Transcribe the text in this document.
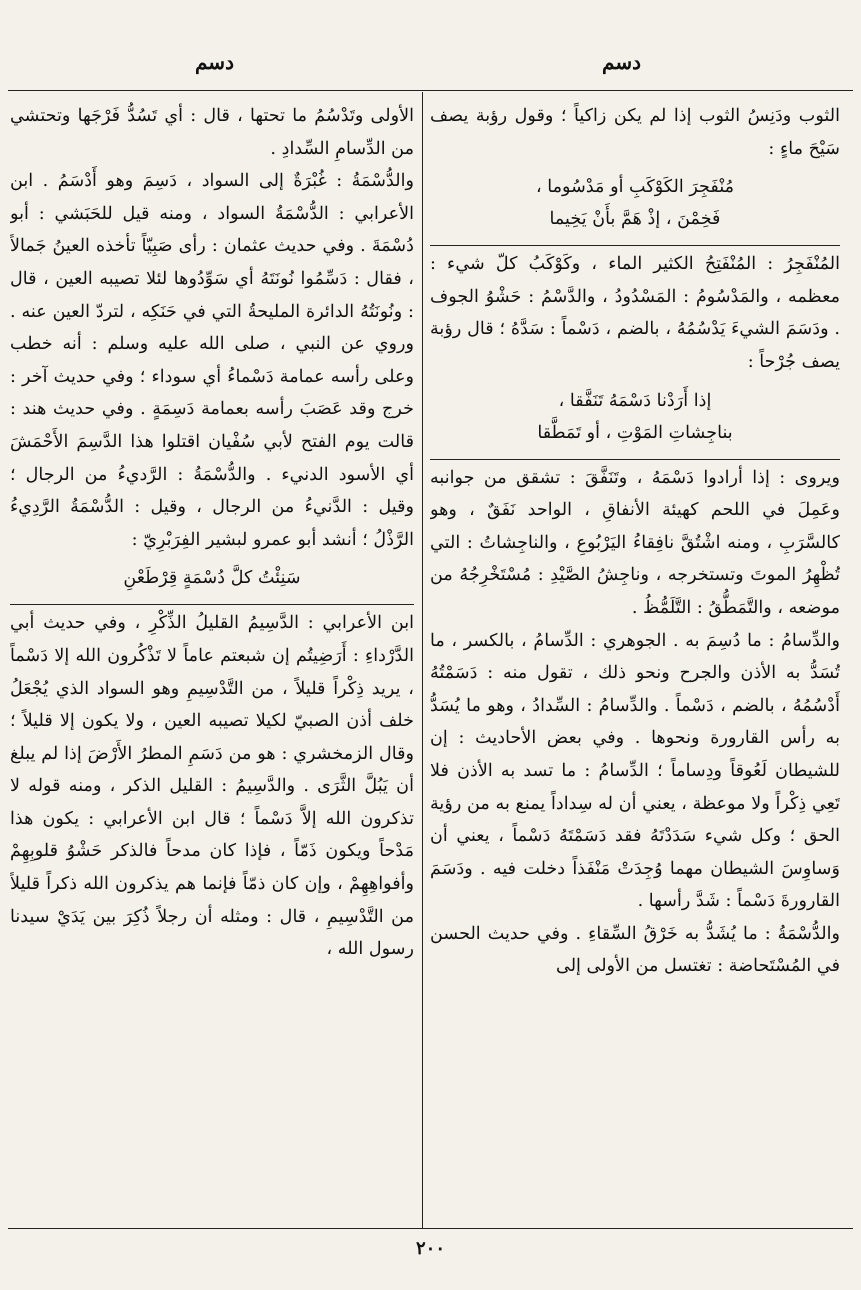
دسم
دسم

الثوب ودَنِسُ الثوب إذا لم يكن زاكياً ؛ وقول رؤبة يصف سَيْحَ ماءٍ :

مُنْفَجِرَ الكَوْكَبِ أو مَدْسُوما ،

فَخِمْنَ ، إذْ هَمَّ بأَنْ يَخِيما

المُنْفَجِرُ : المُنْفَتِحُ الكثير الماء ، وكَوْكَبُ كلّ شيء : معظمه ، والمَدْسُومُ : المَسْدُودُ ، والدَّسْمُ : حَشْوُ الجوف . ودَسَمَ الشيءَ يَدْسُمُهُ ، بالضم ، دَسْماً : سَدَّهُ ؛ قال رؤبة يصف جُرْحاً :

إذا أَرَدْنا دَسْمَهُ تَنَفَّقا ،

بناجِشاتِ المَوْتِ ، أو تَمَطَّقا

ويروى : إذا أرادوا دَسْمَهُ ، وتَنَفَّقَ : تشقق من جوانبه وعَمِلَ في اللحم كهيئة الأنفاقِ ، الواحد نَفَقٌ ، وهو كالسَّرَبِ ، ومنه اشْتُقَّ نافِقاءُ اليَرْبُوعِ ، والناجِشاتُ : التي تُظْهِرُ الموتَ وتستخرجه ، وناجِشُ الصَّيْدِ : مُسْتَخْرِجُهُ من موضعه ، والتَّمَطُّقُ : التَّلَمُّظُ .

والدِّسامُ : ما دُسِمَ به . الجوهري : الدِّسامُ ، بالكسر ، ما تُسَدُّ به الأذن والجرح ونحو ذلك ، تقول منه : دَسَمْتُهُ أَدْسُمُهُ ، بالضم ، دَسْماً . والدِّسامُ : السِّدادُ ، وهو ما يُسَدُّ به رأس القارورة ونحوها . وفي بعض الأحاديث : إن للشيطان لَعُوقاً ودِساماً ؛ الدِّسامُ : ما تسد به الأذن فلا تَعِي ذِكْراً ولا موعظة ، يعني أن له سِداداً يمنع به من رؤية الحق ؛ وكل شيء سَدَدْتَهُ فقد دَسَمْتَهُ دَسْماً ، يعني أن وَساوِسَ الشيطان مهما وُجِدَتْ مَنْفَذاً دخلت فيه . ودَسَمَ القارورةَ دَسْماً : شَدَّ رأسها .

والدُّسْمَةُ : ما يُشَدُّ به خَرْقُ السِّقاءِ . وفي حديث الحسن في المُسْتَحاضة : تغتسل من الأولى إلى

الأولى وتَدْسُمُ ما تحتها ، قال : أي تَسُدُّ فَرْجَها وتحتشي من الدِّسامِ السِّدادِ .

والدُّسْمَةُ : غُبْرَةٌ إلى السواد ، دَسِمَ وهو أَدْسَمُ . ابن الأعرابي : الدُّسْمَةُ السواد ، ومنه قيل للحَبَشي : أبو دُسْمَةَ . وفي حديث عثمان : رأى صَبِيّاً تأخذه العينُ جَمالاً ، فقال : دَسِّمُوا نُونَتَهُ أي سَوِّدُوها لئلا تصيبه العين ، قال : ونُونَتُهُ الدائرة المليحةُ التي في حَنَكِه ، لتردّ العين عنه . وروي عن النبي ، صلى الله عليه وسلم : أنه خطب وعلى رأسه عمامة دَسْماءُ أي سوداء ؛ وفي حديث آخر : خرج وقد عَصَبَ رأسه بعمامة دَسِمَةٍ . وفي حديث هند : قالت يوم الفتح لأبي سُفْيان اقتلوا هذا الدَّسِمَ الأَحْمَشَ أي الأسود الدنيء . والدُّسْمَةُ : الرَّديءُ من الرجال ؛ وقيل : الدَّنيءُ من الرجال ، وقيل : الدُّسْمَةُ الرَّدِيءُ الرَّذْلُ ؛ أنشد أبو عمرو لبشير الفِرَبْرِيّ :

سَنِئْتُ كلَّ دُسْمَةٍ قِرْطَعْنِ

ابن الأعرابي : الدَّسِيمُ القليلُ الذِّكْرِ ، وفي حديث أبي الدَّرْداءِ : أَرَضِيتُم إن شبعتم عاماً لا تَذْكُرون الله إلا دَسْماً ، يريد ذِكْراً قليلاً ، من التَّدْسِيمِ وهو السواد الذي يُجْعَلُ خلف أذن الصبيّ لكيلا تصيبه العين ، ولا يكون إلا قليلاً ؛ وقال الزمخشري : هو من دَسَمِ المطرُ الأَرْضَ إذا لم يبلغ أن يَبُلَّ الثَّرَى . والدَّسِيمُ : القليل الذكر ، ومنه قوله لا تذكرون الله إلاَّ دَسْماً ؛ قال ابن الأعرابي : يكون هذا مَدْحاً ويكون ذَمّاً ، فإذا كان مدحاً فالذكر حَشْوُ قلوبِهِمْ وأفواهِهِمْ ، وإن كان ذمّاً فإنما هم يذكرون الله ذكراً قليلاً من التَّدْسِيمِ ، قال : ومثله أن رجلاً ذُكِرَ بين يَدَيْ سيدنا رسول الله ،

٢٠٠
